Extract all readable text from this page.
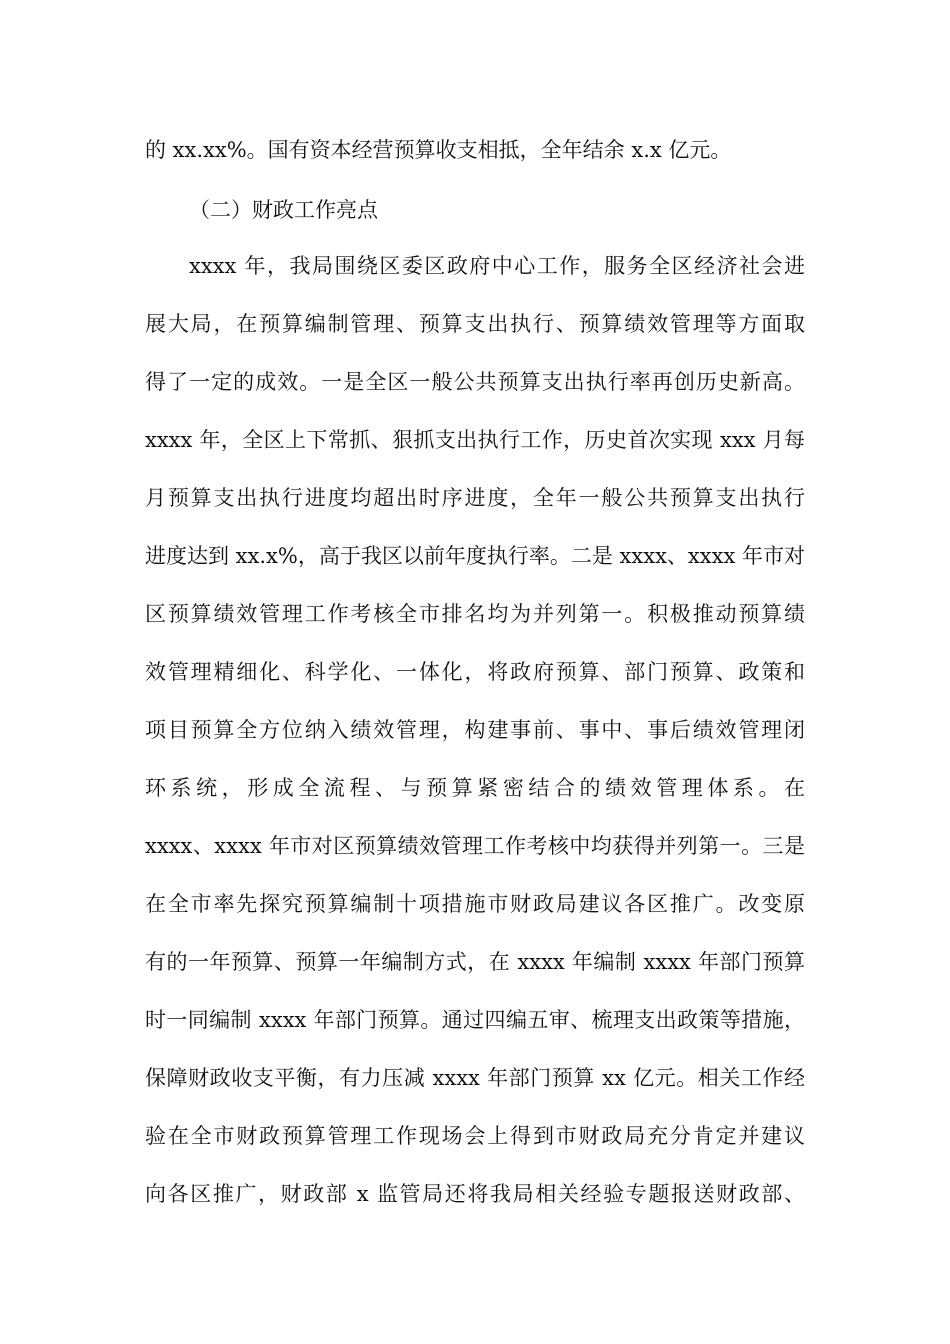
的 xx.xx%。国有资本经营预算收支相抵，全年结余 x.x 亿元。
（二）财政工作亮点
xxxx 年，我局围绕区委区政府中心工作，服务全区经济社会进
展大局，在预算编制管理、预算支出执行、预算绩效管理等方面取
得了一定的成效。一是全区一般公共预算支出执行率再创历史新高。
xxxx 年，全区上下常抓、狠抓支出执行工作，历史首次实现 xxx 月每
月预算支出执行进度均超出时序进度，全年一般公共预算支出执行
进度达到 xx.x%，高于我区以前年度执行率。二是 xxxx、xxxx 年市对
区预算绩效管理工作考核全市排名均为并列第一。积极推动预算绩
效管理精细化、科学化、一体化，将政府预算、部门预算、政策和
项目预算全方位纳入绩效管理，构建事前、事中、事后绩效管理闭
环系统，形成全流程、与预算紧密结合的绩效管理体系。在
xxxx、xxxx 年市对区预算绩效管理工作考核中均获得并列第一。三是
在全市率先探究预算编制十项措施市财政局建议各区推广。改变原
有的一年预算、预算一年编制方式，在 xxxx 年编制 xxxx 年部门预算
时一同编制 xxxx 年部门预算。通过四编五审、梳理支出政策等措施，
保障财政收支平衡，有力压减 xxxx 年部门预算 xx 亿元。相关工作经
验在全市财政预算管理工作现场会上得到市财政局充分肯定并建议
向各区推广，财政部 x 监管局还将我局相关经验专题报送财政部、
